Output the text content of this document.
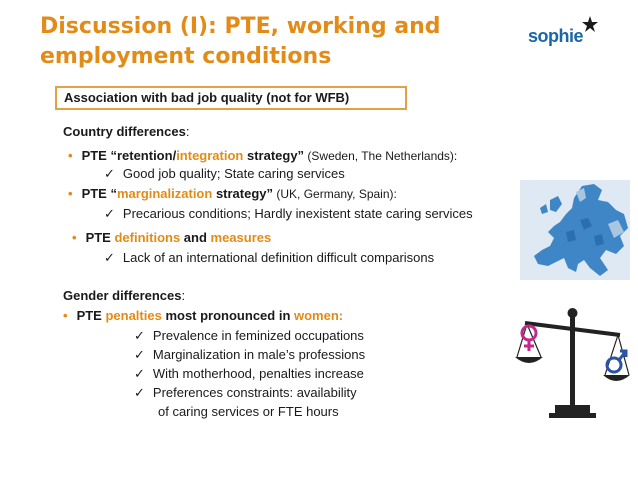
Discussion (I): PTE, working and employment conditions
sophie
Association with bad job quality (not for WFB)
Country differences:
• PTE “retention/integration strategy” (Sweden, The Netherlands):
✓ Good job quality; State caring services
• PTE “marginalization strategy” (UK, Germany, Spain):
✓ Precarious conditions; Hardly inexistent state caring services
• PTE definitions and measures
✓ Lack of an international definition difficult comparisons
Gender differences:
• PTE penalties most pronounced in women:
✓ Prevalence in feminized occupations
✓ Marginalization in male’s professions
✓ With motherhood, penalties increase
✓ Preferences constraints: availability
of caring services or FTE hours
